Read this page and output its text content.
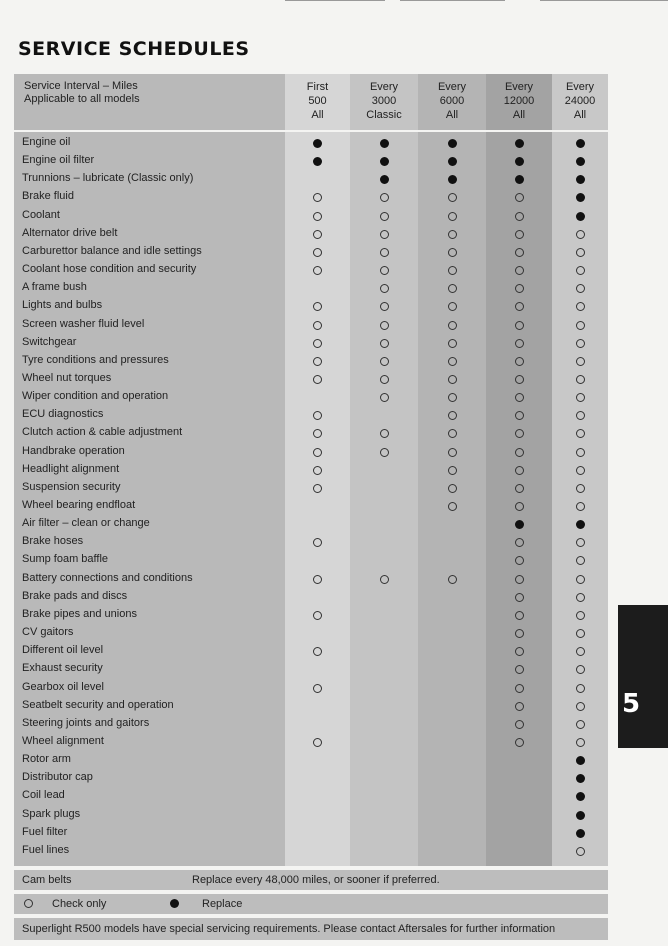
SERVICE SCHEDULES
Service Interval – Miles
Applicable to all models
First
500
All
Every
3000
Classic
Every
6000
All
Every
12000
All
Every
24000
All
Engine oil
Engine oil filter
Trunnions – lubricate (Classic only)
Brake fluid
Coolant
Alternator drive belt
Carburettor balance and idle settings
Coolant hose condition and security
A frame bush
Lights and bulbs
Screen washer fluid level
Switchgear
Tyre conditions and pressures
Wheel nut torques
Wiper condition and operation
ECU diagnostics
Clutch action & cable adjustment
Handbrake operation
Headlight alignment
Suspension security
Wheel bearing endfloat
Air filter – clean or change
Brake hoses
Sump foam baffle
Battery connections and conditions
Brake pads and discs
Brake pipes and unions
CV gaitors
Different oil level
Exhaust security
Gearbox oil level
Seatbelt security and operation
Steering joints and gaitors
Wheel alignment
Rotor arm
Distributor cap
Coil lead
Spark plugs
Fuel filter
Fuel lines
Cam belts	Replace every 48,000 miles, or sooner if preferred.
Check only	Replace
Superlight R500 models have special servicing requirements. Please contact Aftersales for further information
5
